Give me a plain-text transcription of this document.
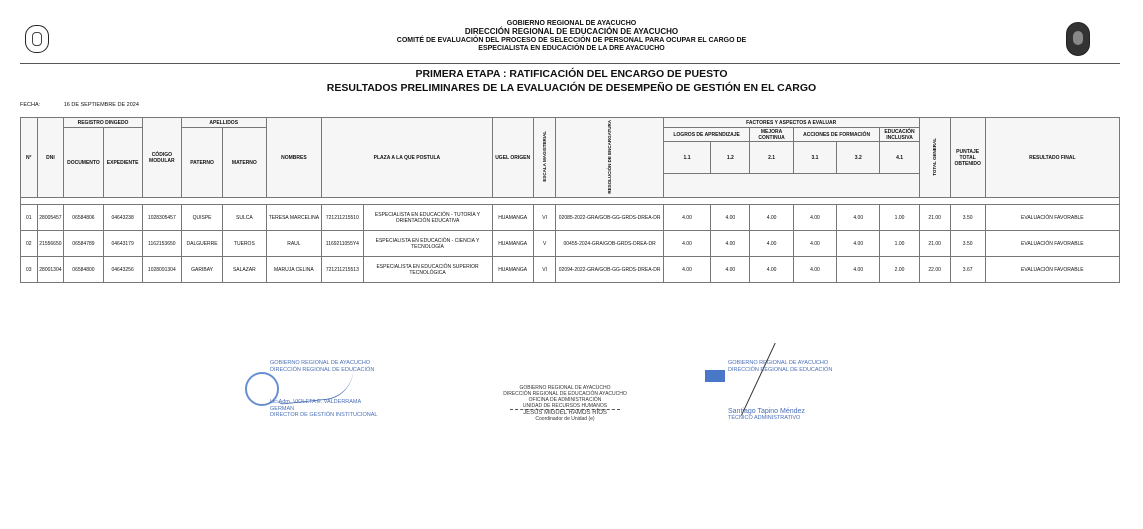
GOBIERNO REGIONAL DE AYACUCHO
DIRECCIÓN REGIONAL DE EDUCACIÓN DE AYACUCHO
COMITÉ DE EVALUACIÓN DEL PROCESO DE SELECCIÓN DE PERSONAL PARA OCUPAR EL CARGO DE
ESPECIALISTA EN EDUCACIÓN DE LA DRE AYACUCHO
PRIMERA ETAPA : RATIFICACIÓN DEL ENCARGO DE PUESTO
RESULTADOS PRELIMINARES DE LA EVALUACIÓN DE DESEMPEÑO DE GESTIÓN EN EL CARGO
FECHA:	16 DE SEPTIEMBRE DE 2024
N°	DNI	REGISTRO DINGEDO		CÓDIGO MODULAR	APELLIDOS		NOMBRES	PLAZA A LA QUE POSTULA		UGEL ORIGEN	ESCALA MAGISTERIAL	RESOLUCIÓN DE ENCARGATURA	FACTORES Y ASPECTOS A EVALUAR						TOTAL GENERAL	PUNTAJE TOTAL OBTENIDO	RESULTADO FINAL
		DOCUMENTO	EXPEDIENTE		PATERNO	MATERNO							LOGROS DE APRENDIZAJE		MEJORA CONTINUA	ACCIONES DE FORMACIÓN		EDUCACIÓN INCLUSIVA			
													1.1	1.2	2.1	3.1	3.2	4.1			

01	28005457	06584806	04643238	1028305457	QUISPE	SULCA	TERESA MARCELINA	721211215510	ESPECIALISTA EN EDUCACIÓN - TUTORÍA Y ORIENTACIÓN EDUCATIVA	HUAMANGA	VI	02085-2022-GRA/GOB-GG-GRDS-DREA-DR	4.00	4.00	4.00	4.00	4.00	1.00	21.00	3.50	EVALUACIÓN FAVORABLE
02	21556650	06584789	04643179	1162153650	DALGUERRE	TUEROS	RAUL	1169211055Y4	ESPECIALISTA EN EDUCACIÓN - CIENCIA Y TECNOLOGÍA	HUAMANGA	V	00455-2024-GRA/GOB-GRDS-DREA-DR	4.00	4.00	4.00	4.00	4.00	1.00	21.00	3.50	EVALUACIÓN FAVORABLE
03	28001304	06584800	04643256	1028091304	GARIBAY	SALAZAR	MARUJA CELINA	721211215513	ESPECIALISTA EN EDUCACIÓN SUPERIOR TECNOLÓGICA	HUAMANGA	VI	02094-2022-GRA/GOB-GG-GRDS-DREA-DR	4.00	4.00	4.00	4.00	4.00	2.00	22.00	3.67	EVALUACIÓN FAVORABLE
GOBIERNO REGIONAL DE AYACUCHO
DIRECCIÓN REGIONAL DE EDUCACIÓN
Lic.Adm. VIOLETA E. VALDERRAMA GERMAN
DIRECTOR DE GESTIÓN INSTITUCIONAL
GOBIERNO REGIONAL DE AYACUCHO
DIRECCIÓN REGIONAL DE EDUCACIÓN AYACUCHO
OFICINA DE ADMINISTRACIÓN
UNIDAD DE RECURSOS HUMANOS
JESÚS MIGUEL RAMOS RÍOS
Coordinador de Unidad (e)
GOBIERNO REGIONAL DE AYACUCHO
DIRECCIÓN REGIONAL DE EDUCACIÓN
Santiago Tapino Méndez
TÉCNICO ADMINISTRATIVO
